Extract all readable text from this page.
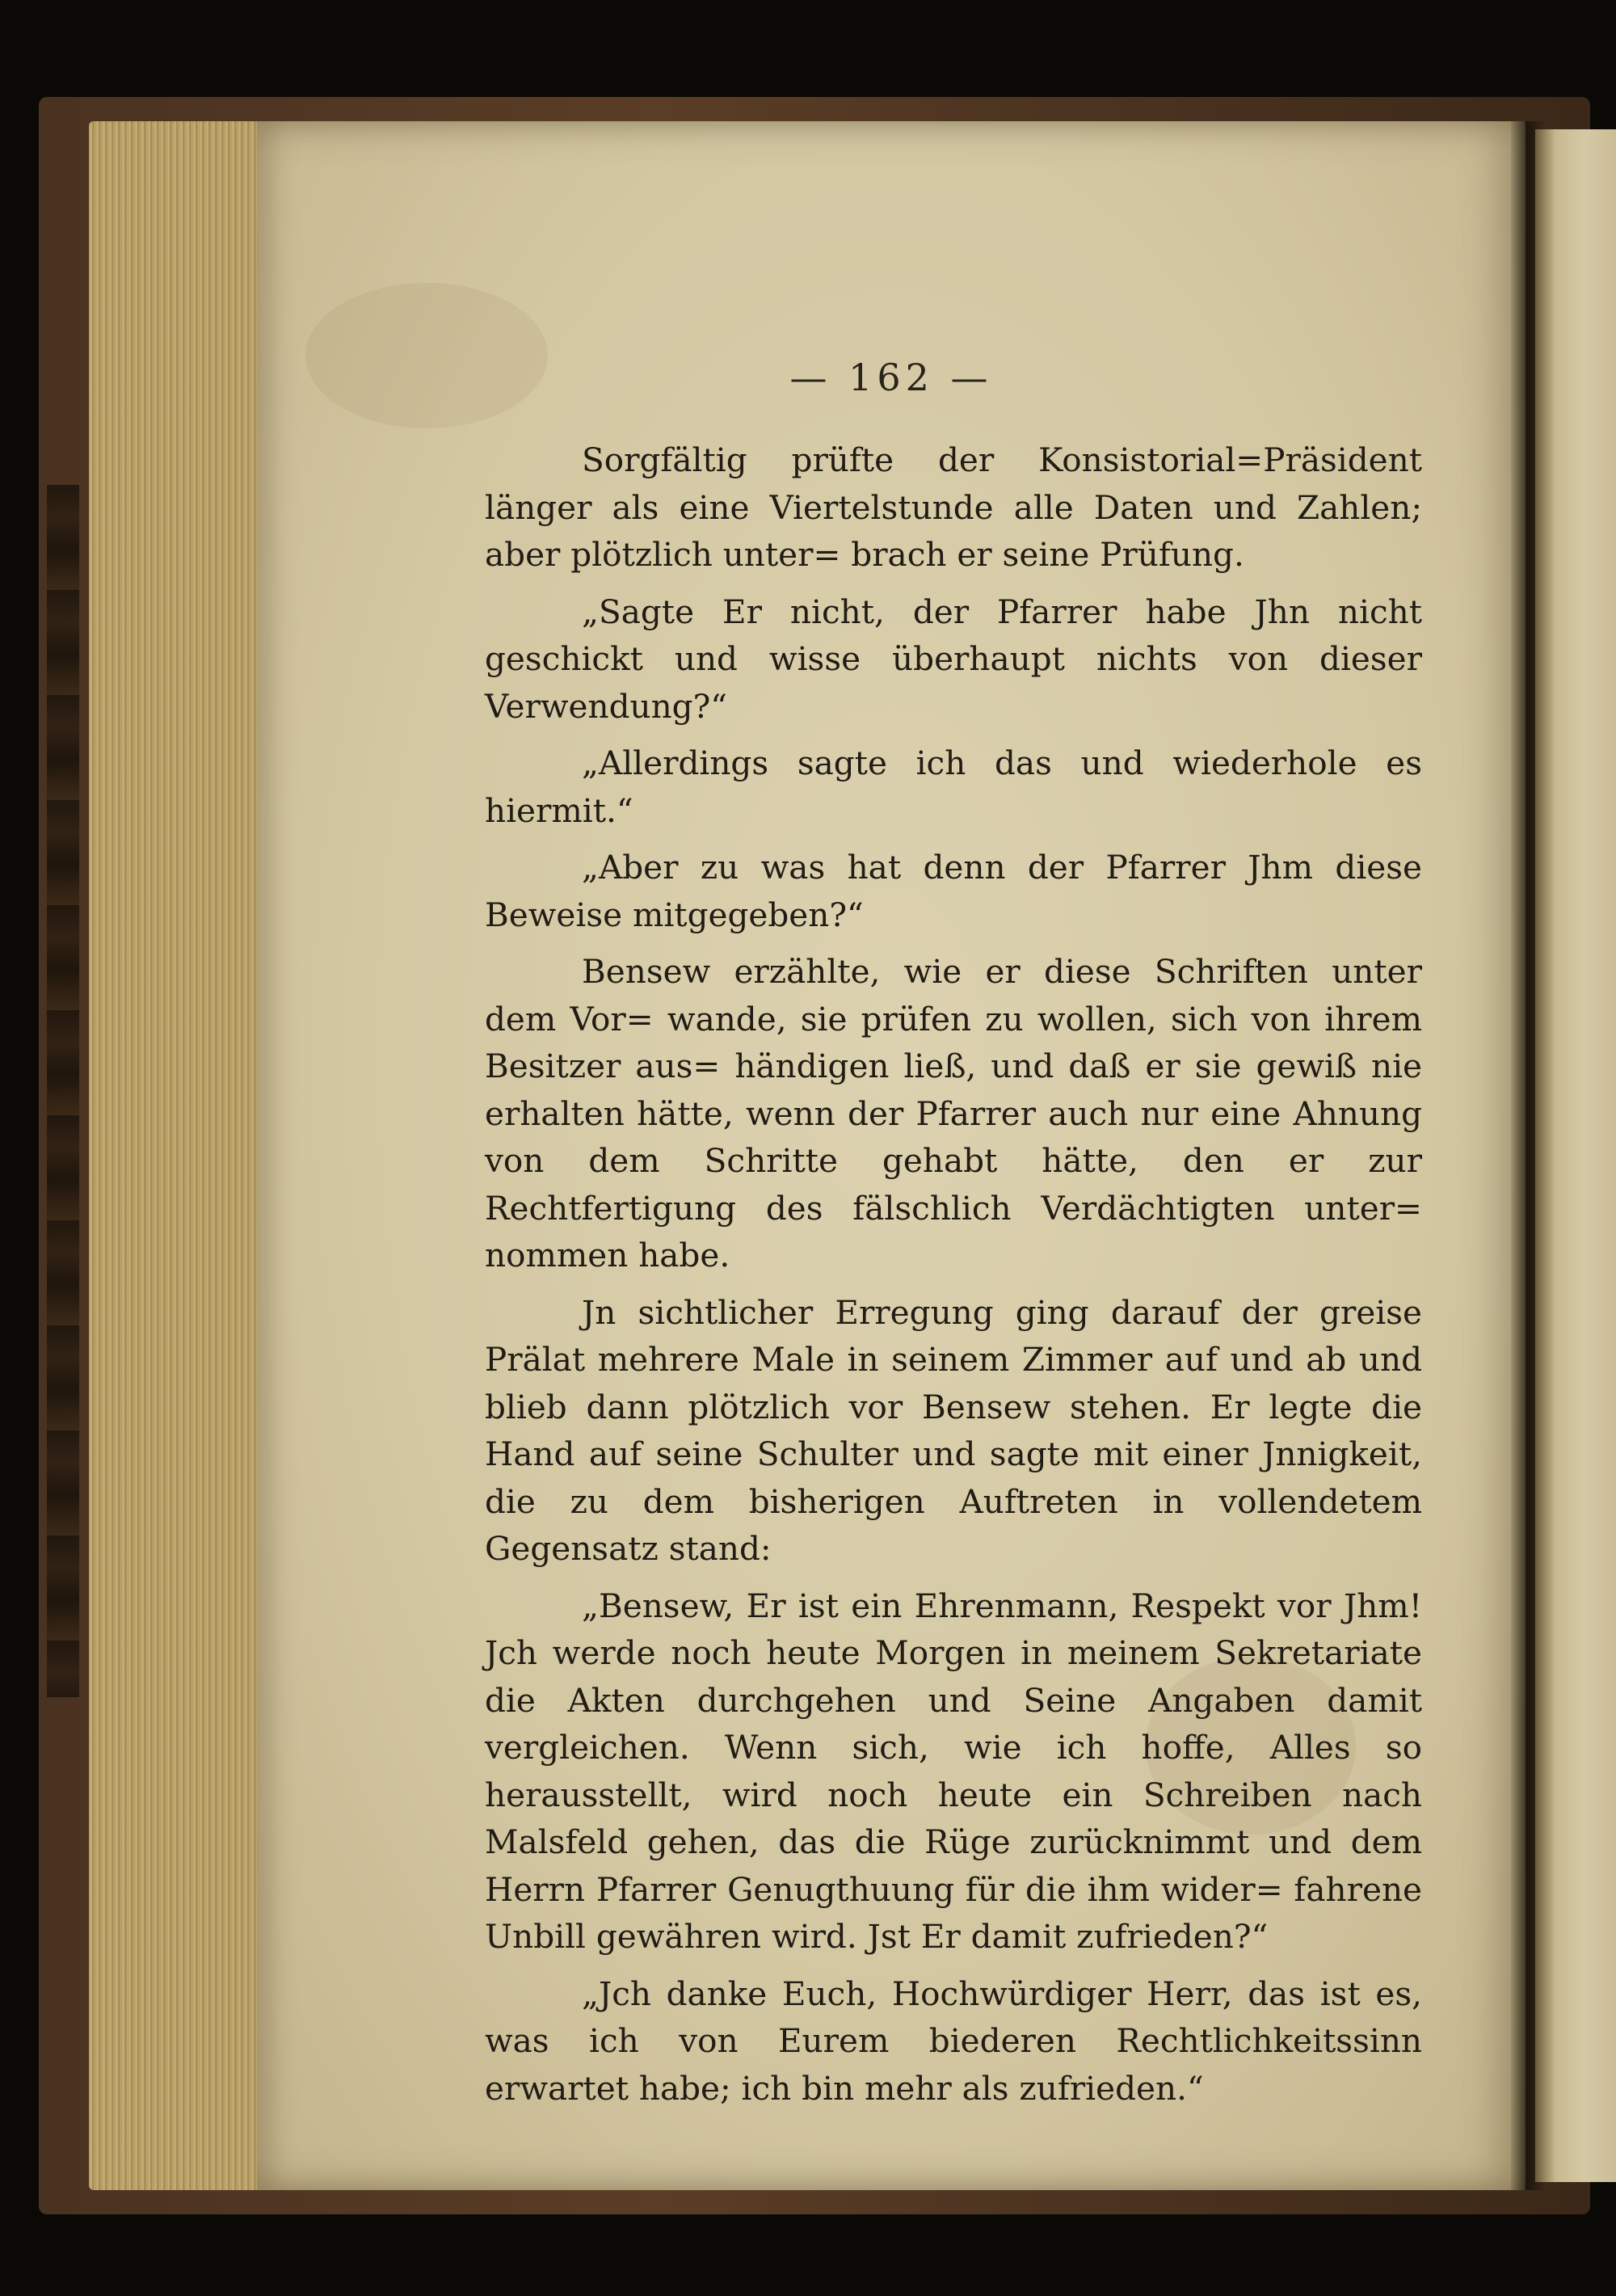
— 162 —

Sorgfältig prüfte der Konsistorial=Präsident länger als eine Viertelstunde alle Daten und Zahlen; aber plötzlich unter= brach er seine Prüfung.

„Sagte Er nicht, der Pfarrer habe Jhn nicht geschickt und wisse überhaupt nichts von dieser Verwendung?“

„Allerdings sagte ich das und wiederhole es hiermit.“

„Aber zu was hat denn der Pfarrer Jhm diese Beweise mitgegeben?“

Bensew erzählte, wie er diese Schriften unter dem Vor= wande, sie prüfen zu wollen, sich von ihrem Besitzer aus= händigen ließ, und daß er sie gewiß nie erhalten hätte, wenn der Pfarrer auch nur eine Ahnung von dem Schritte gehabt hätte, den er zur Rechtfertigung des fälschlich Verdächtigten unter= nommen habe.

Jn sichtlicher Erregung ging darauf der greise Prälat mehrere Male in seinem Zimmer auf und ab und blieb dann plötzlich vor Bensew stehen. Er legte die Hand auf seine Schulter und sagte mit einer Jnnigkeit, die zu dem bisherigen Auftreten in vollendetem Gegensatz stand:

„Bensew, Er ist ein Ehrenmann, Respekt vor Jhm! Jch werde noch heute Morgen in meinem Sekretariate die Akten durchgehen und Seine Angaben damit vergleichen. Wenn sich, wie ich hoffe, Alles so herausstellt, wird noch heute ein Schreiben nach Malsfeld gehen, das die Rüge zurücknimmt und dem Herrn Pfarrer Genugthuung für die ihm wider= fahrene Unbill gewähren wird. Jst Er damit zufrieden?“

„Jch danke Euch, Hochwürdiger Herr, das ist es, was ich von Eurem biederen Rechtlichkeitssinn erwartet habe; ich bin mehr als zufrieden.“
